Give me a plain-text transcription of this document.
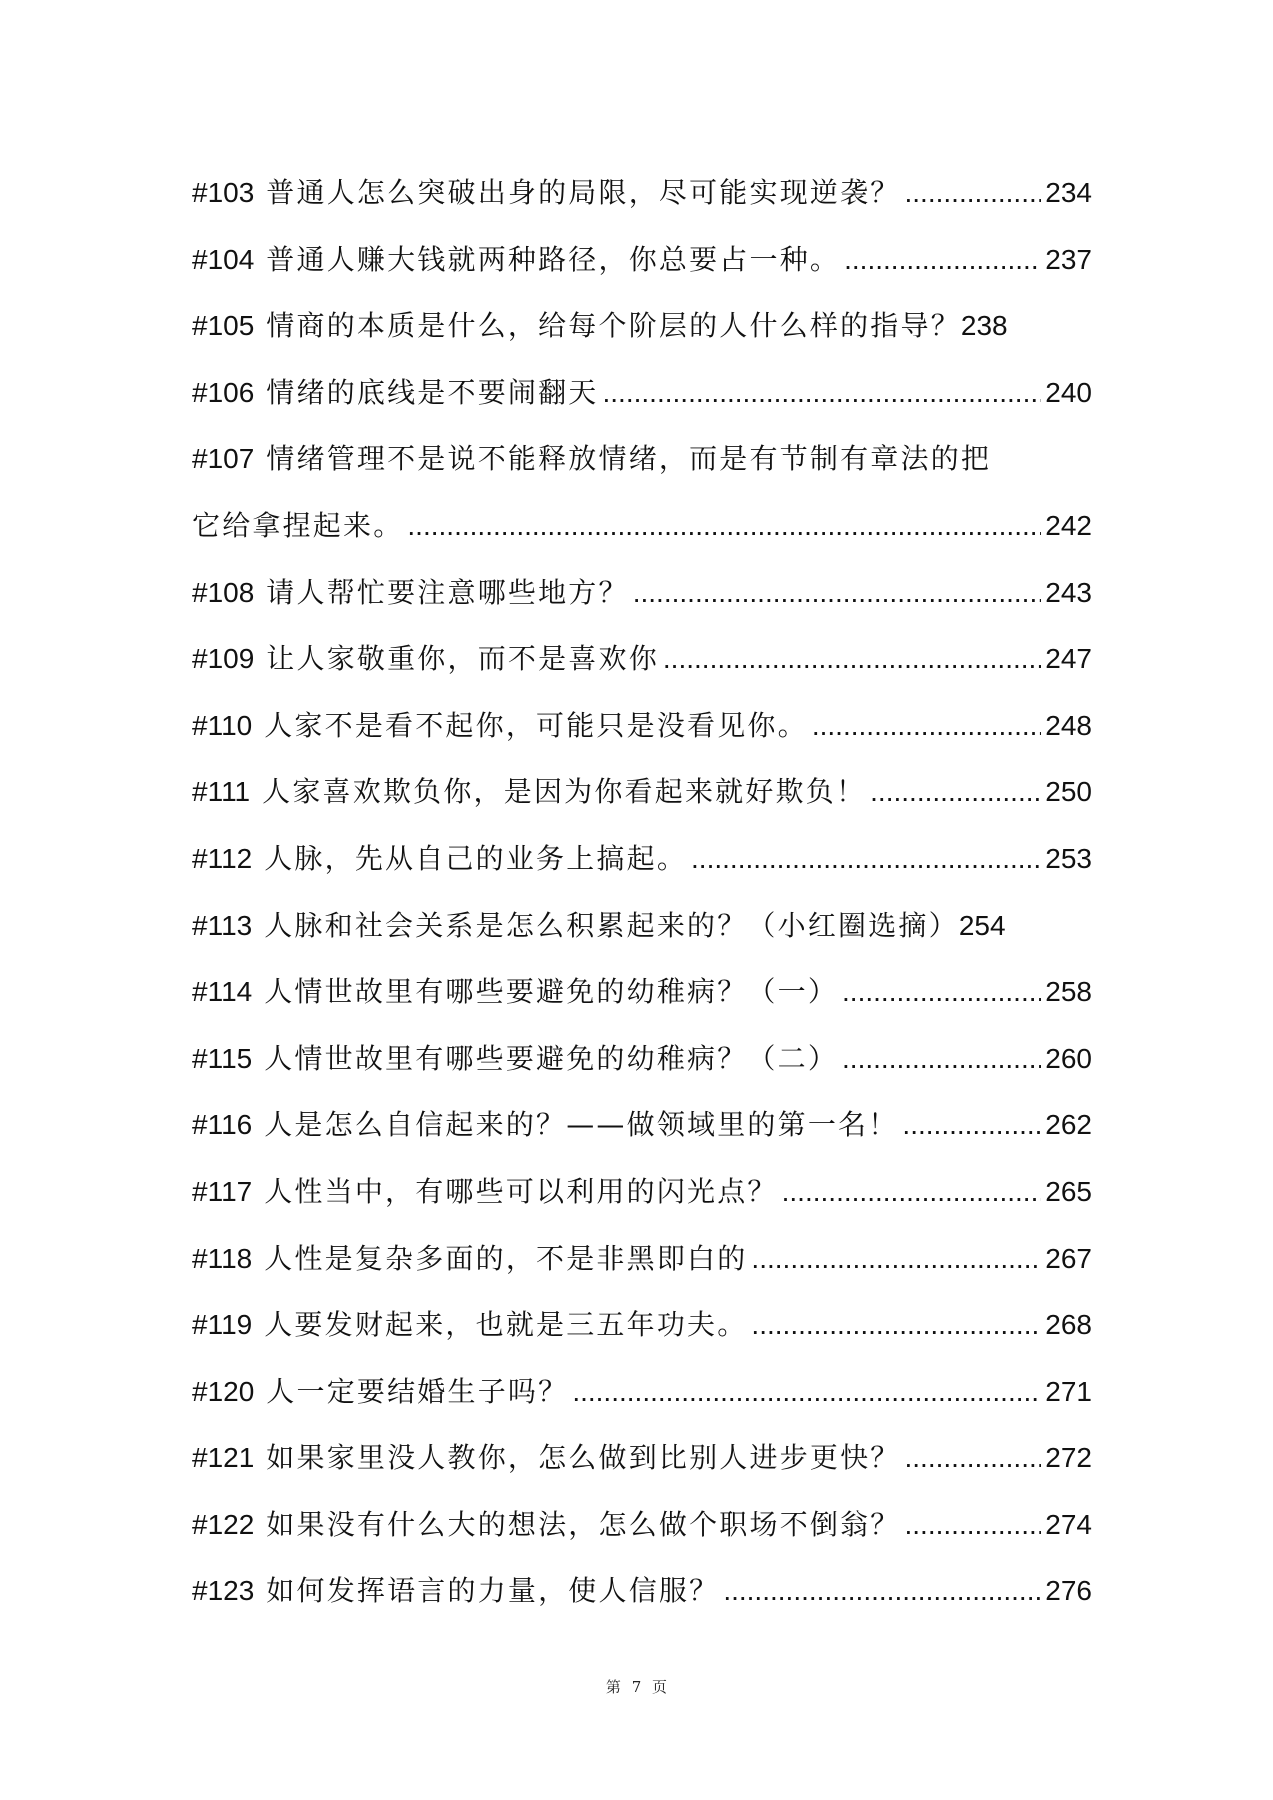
#103 普通人怎么突破出身的局限，尽可能实现逆袭？ .....	234
#104 普通人赚大钱就两种路径，你总要占一种。 .....	237
#105 情商的本质是什么，给每个阶层的人什么样的指导？ 238
#106 情绪的底线是不要闹翻天 .....	240
#107 情绪管理不是说不能释放情绪，而是有节制有章法的把
它给拿捏起来。 .....	242
#108 请人帮忙要注意哪些地方？ .....	243
#109 让人家敬重你，而不是喜欢你 .....	247
#110 人家不是看不起你，可能只是没看见你。 .....	248
#111 人家喜欢欺负你，是因为你看起来就好欺负！ .....	250
#112 人脉，先从自己的业务上搞起。 .....	253
#113 人脉和社会关系是怎么积累起来的？（小红圈选摘） 254
#114 人情世故里有哪些要避免的幼稚病？（一） .....	258
#115 人情世故里有哪些要避免的幼稚病？（二） .....	260
#116 人是怎么自信起来的？——做领域里的第一名！ .....	262
#117 人性当中，有哪些可以利用的闪光点？ .....	265
#118 人性是复杂多面的，不是非黑即白的 .....	267
#119 人要发财起来，也就是三五年功夫。 .....	268
#120 人一定要结婚生子吗？ .....	271
#121 如果家里没人教你，怎么做到比别人进步更快？ .....	272
#122 如果没有什么大的想法，怎么做个职场不倒翁？ .....	274
#123 如何发挥语言的力量，使人信服？ .....	276
第 7 页
